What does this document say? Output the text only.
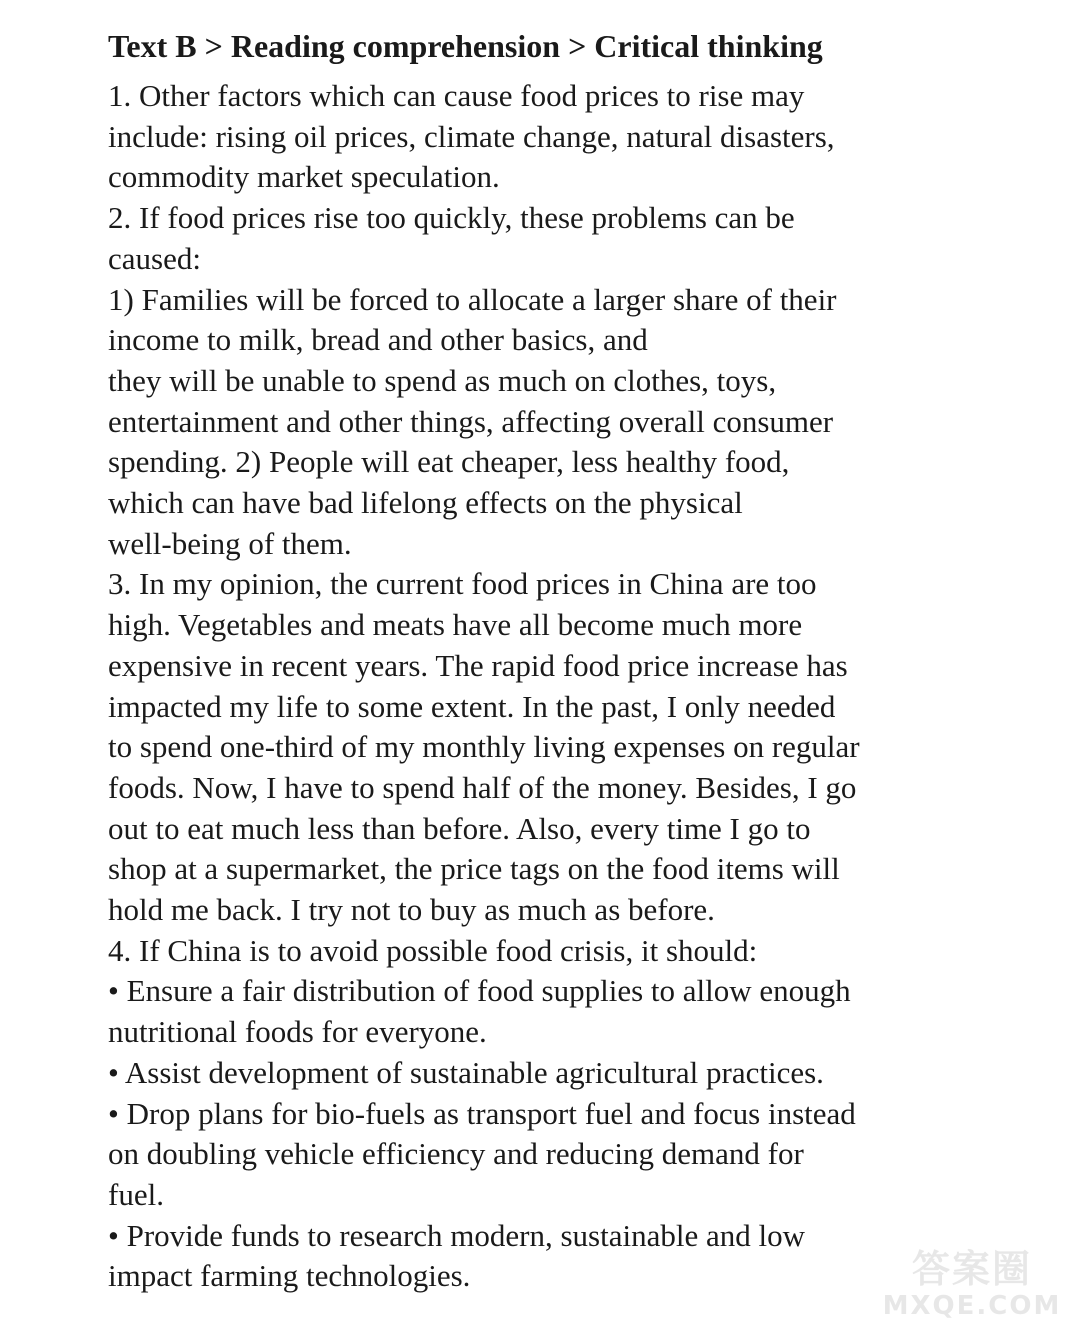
Text B > Reading comprehension > Critical thinking
1. Other factors which can cause food prices to rise may
include: rising oil prices, climate change, natural disasters,
commodity market speculation.
2. If food prices rise too quickly, these problems can be
caused:
1) Families will be forced to allocate a larger share of their
income to milk, bread and other basics, and
they will be unable to spend as much on clothes, toys,
entertainment and other things, affecting overall consumer
spending. 2) People will eat cheaper, less healthy food,
which can have bad lifelong effects on the physical
well-being of them.
3. In my opinion, the current food prices in China are too
high. Vegetables and meats have all become much more
expensive in recent years. The rapid food price increase has
impacted my life to some extent. In the past, I only needed
to spend one-third of my monthly living expenses on regular
foods. Now, I have to spend half of the money. Besides, I go
out to eat much less than before. Also, every time I go to
shop at a supermarket, the price tags on the food items will
hold me back. I try not to buy as much as before.
4. If China is to avoid possible food crisis, it should:
• Ensure a fair distribution of food supplies to allow enough
nutritional foods for everyone.
• Assist development of sustainable agricultural practices.
• Drop plans for bio-fuels as transport fuel and focus instead
on doubling vehicle efficiency and reducing demand for
fuel.
• Provide funds to research modern, sustainable and low
impact farming technologies.	答案圈
MXQE.COM
